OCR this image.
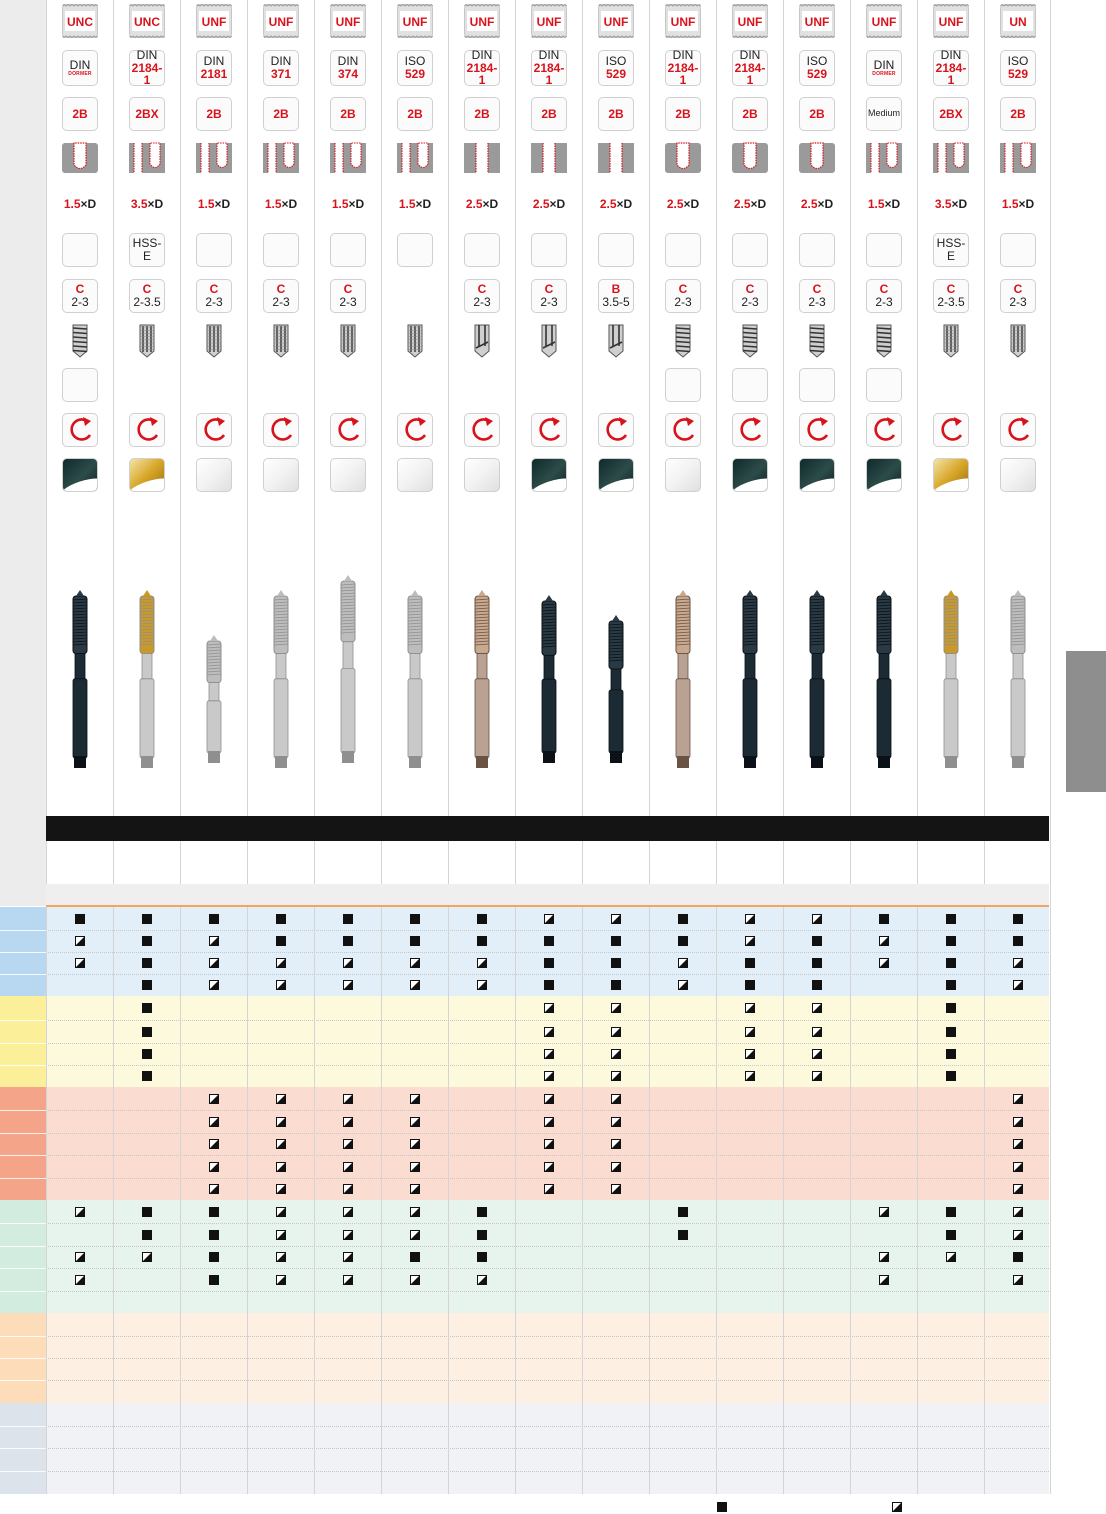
UNC
DIN
DORMER
2B
1.5 ×D
C
2-3
UNC
DIN
2184-1
2BX
3.5 ×D
HSS-E
C
2-3.5
UNF
DIN
2181
2B
1.5 ×D
C
2-3
UNF
DIN
371
2B
1.5 ×D
C
2-3
UNF
DIN
374
2B
1.5 ×D
C
2-3
UNF
ISO
529
2B
1.5 ×D
UNF
DIN
2184-1
2B
2.5 ×D
C
2-3
UNF
DIN
2184-1
2B
2.5 ×D
C
2-3
UNF
ISO
529
2B
2.5 ×D
B
3.5-5
UNF
DIN
2184-1
2B
2.5 ×D
C
2-3
UNF
DIN
2184-1
2B
2.5 ×D
C
2-3
UNF
ISO
529
2B
2.5 ×D
C
2-3
UNF
DIN
DORMER
Medium
1.5 ×D
C
2-3
UNF
DIN
2184-1
2BX
3.5 ×D
HSS-E
C
2-3.5
UN
ISO
529
2B
1.5 ×D
C
2-3
